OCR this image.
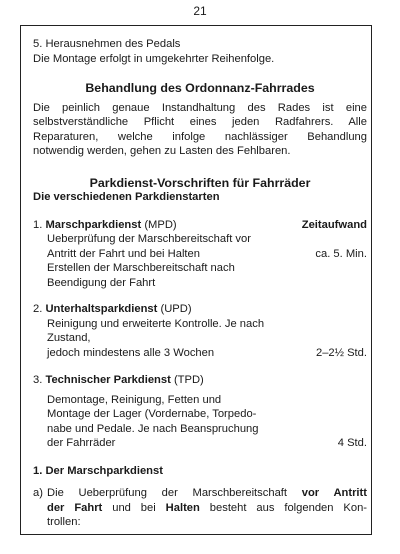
21

5. Herausnehmen des Pedals

Die Montage erfolgt in umgekehrter Reihenfolge.

Behandlung des Ordonnanz-Fahrrades

Die peinlich genaue Instandhaltung des Rades ist eine

selbstverständliche Pflicht eines jeden Radfahrers. Alle

Reparaturen, welche infolge nachlässiger Behandlung

notwendig werden, gehen zu Lasten des Fehlbaren.

Parkdienst-Vorschriften für Fahrräder

Die verschiedenen Parkdienstarten

1. Marschparkdienst (MPD)	Zeitaufwand

Ueberprüfung der Marschbereitschaft vor

Antritt der Fahrt und bei Halten	ca. 5. Min.

Erstellen der Marschbereitschaft nach

Beendigung der Fahrt

2. Unterhaltsparkdienst (UPD)

Reinigung und erweiterte Kontrolle. Je nach

Zustand,

jedoch mindestens alle 3 Wochen	2–2½ Std.
3. Technischer Parkdienst (TPD)

Demontage, Reinigung, Fetten und

Montage der Lager (Vordernabe, Torpedo-

nabe und Pedale. Je nach Beanspruchung

der Fahrräder	4 Std.

1. Der Marschparkdienst

a) Die Ueberprüfung der Marschbereitschaft vor Antritt

der Fahrt und bei Halten besteht aus folgenden Kon-

trollen:
